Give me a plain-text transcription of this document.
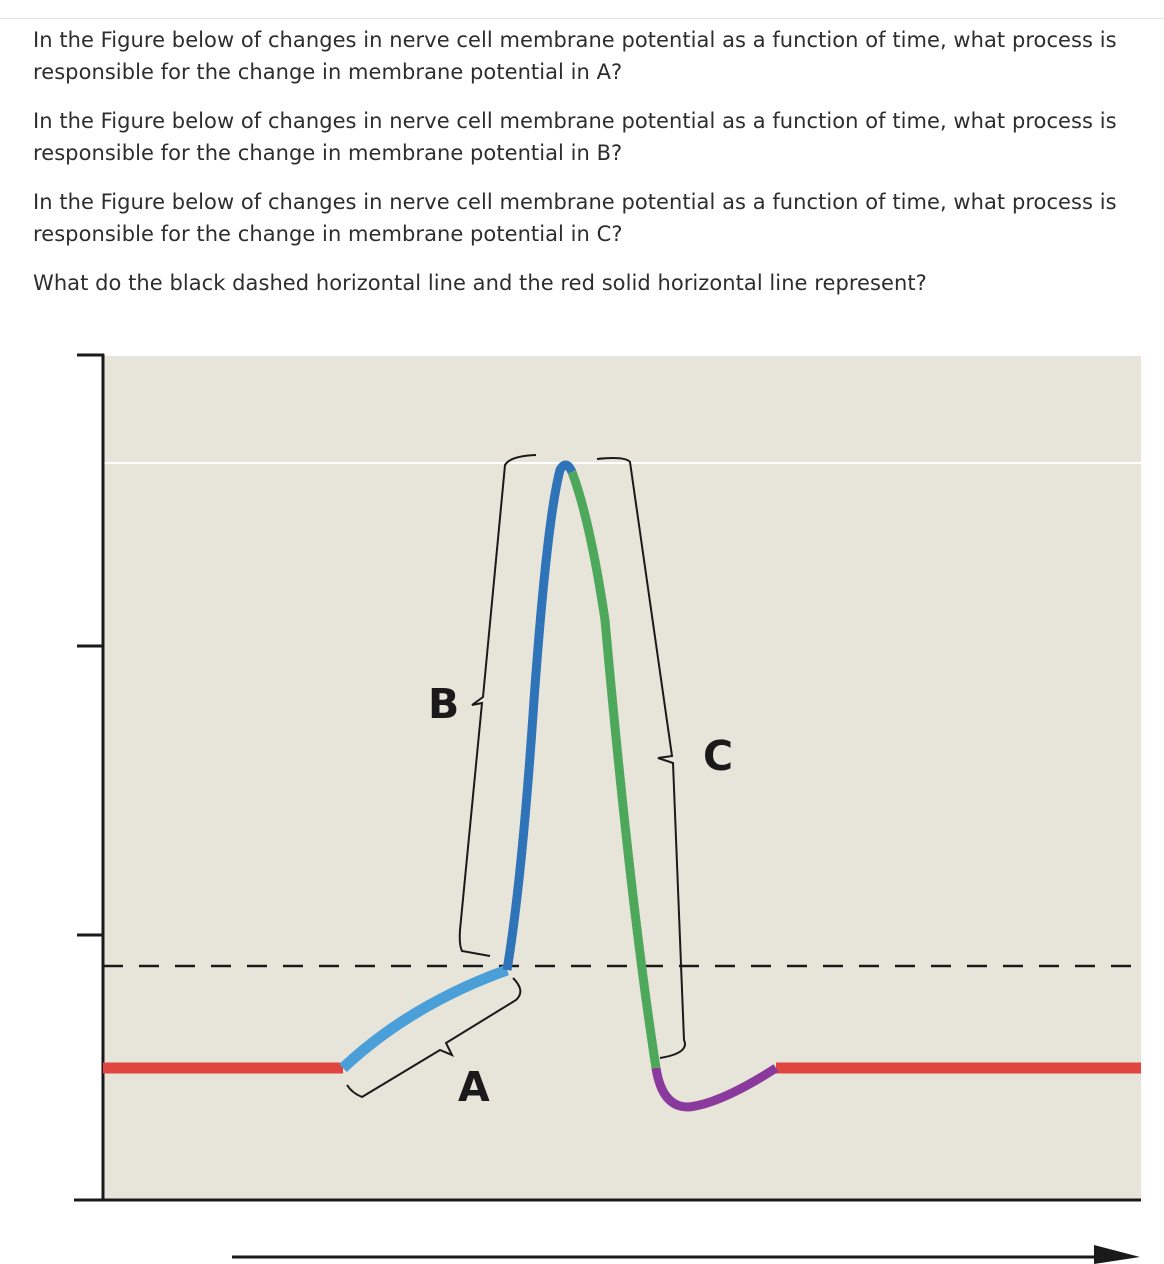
In the Figure below of changes in nerve cell membrane potential as a function of time, what process is responsible for the change in membrane potential in A?

In the Figure below of changes in nerve cell membrane potential as a function of time, what process is responsible for the change in membrane potential in B?

In the Figure below of changes in nerve cell membrane potential as a function of time, what process is responsible for the change in membrane potential in C?

What do the black dashed horizontal line and the red solid horizontal line represent?

A
B
C
